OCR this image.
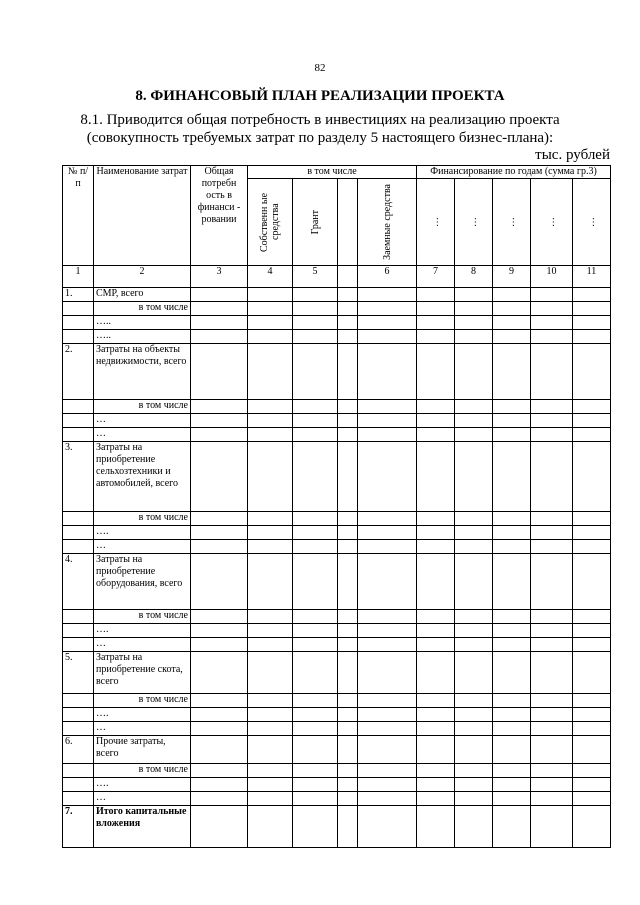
82
8. ФИНАНСОВЫЙ ПЛАН РЕАЛИЗАЦИИ ПРОЕКТА
8.1. Приводится общая потребность в инвестициях на реализацию проекта
(совокупность требуемых затрат по разделу 5 настоящего бизнес-плана):
тыс. рублей
№ п/ п	Наименование затрат	Общая потребн ость в финанси - ровании	в том числе				Финансирование по годам (сумма гр.3)				

			Собственн ые средства	Грант		Заемные средства	…	…	…	…	…

1	2	3	4	5		6	7	8	9	10	11
1.	СМР, всего										
	в том числе										
	…..										
	…..										
2.	Затраты на объекты недвижимости, всего										
	в том числе										
	…										
	…										
3.	Затраты на приобретение сельхозтехники и автомобилей, всего										
	в том числе										
	….										
	…										
4.	Затраты на приобретение оборудования, всего										
	в том числе										
	….										
	…										
5.	Затраты на приобретение скота, всего										
	в том числе										
	….										
	…										
6.	Прочие затраты, всего										
	в том числе										
	….										
	…										
7.	Итого капитальные вложения										
